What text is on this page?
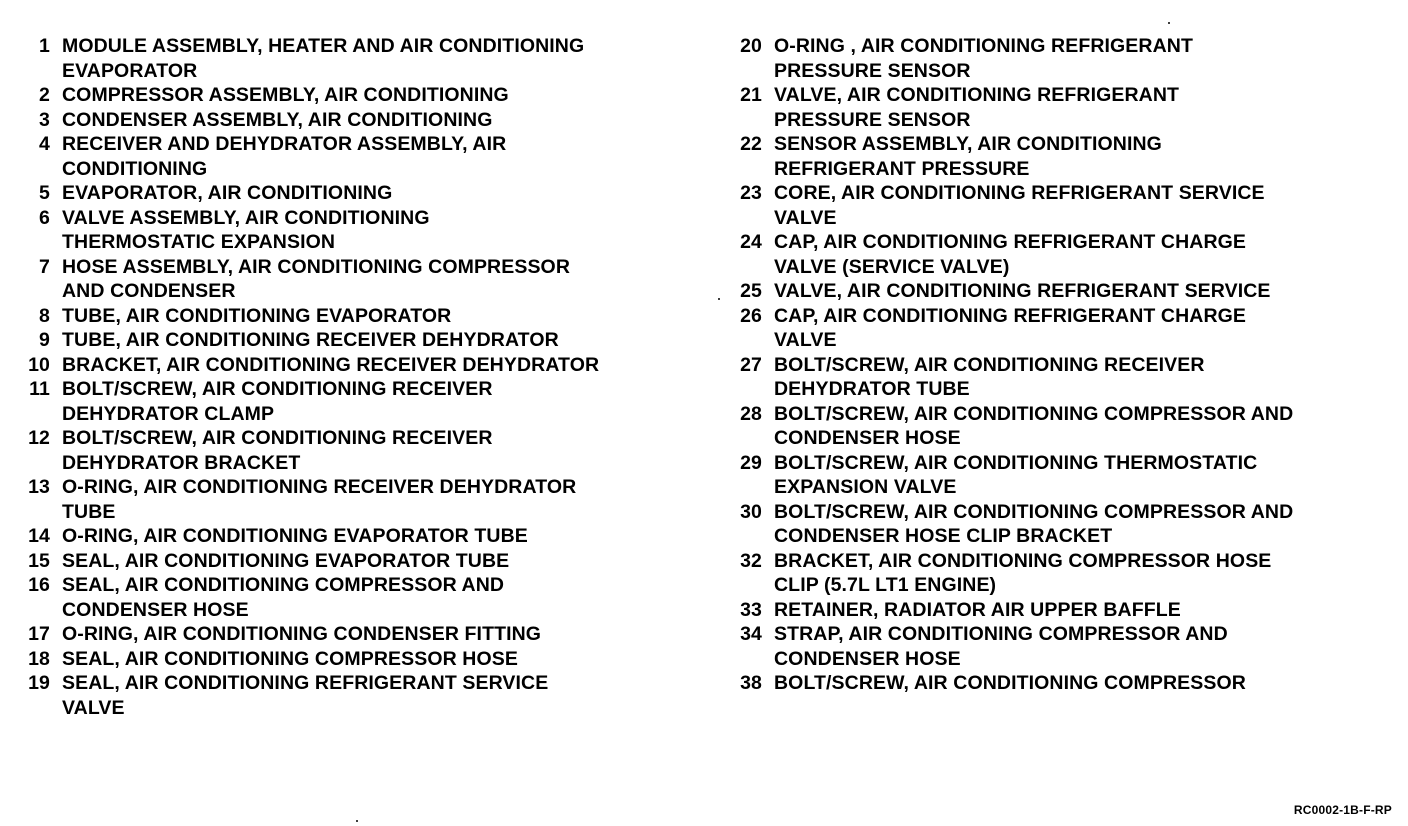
1 MODULE ASSEMBLY, HEATER AND AIR CONDITIONING
EVAPORATOR
2 COMPRESSOR ASSEMBLY, AIR CONDITIONING
3 CONDENSER ASSEMBLY, AIR CONDITIONING
4 RECEIVER AND DEHYDRATOR ASSEMBLY, AIR
CONDITIONING
5 EVAPORATOR, AIR CONDITIONING
6 VALVE ASSEMBLY, AIR CONDITIONING
THERMOSTATIC EXPANSION
7 HOSE ASSEMBLY, AIR CONDITIONING COMPRESSOR
AND CONDENSER
8 TUBE, AIR CONDITIONING EVAPORATOR
9 TUBE, AIR CONDITIONING RECEIVER DEHYDRATOR
10 BRACKET, AIR CONDITIONING RECEIVER DEHYDRATOR
11 BOLT/SCREW, AIR CONDITIONING RECEIVER
DEHYDRATOR CLAMP
12 BOLT/SCREW, AIR CONDITIONING RECEIVER
DEHYDRATOR BRACKET
13 O-RING, AIR CONDITIONING RECEIVER DEHYDRATOR
TUBE
14 O-RING, AIR CONDITIONING EVAPORATOR TUBE
15 SEAL, AIR CONDITIONING EVAPORATOR TUBE
16 SEAL, AIR CONDITIONING COMPRESSOR AND
CONDENSER HOSE
17 O-RING, AIR CONDITIONING CONDENSER FITTING
18 SEAL, AIR CONDITIONING COMPRESSOR HOSE
19 SEAL, AIR CONDITIONING REFRIGERANT SERVICE
VALVE
20 O-RING , AIR CONDITIONING REFRIGERANT
PRESSURE SENSOR
21 VALVE, AIR CONDITIONING REFRIGERANT
PRESSURE SENSOR
22 SENSOR ASSEMBLY, AIR CONDITIONING
REFRIGERANT PRESSURE
23 CORE, AIR CONDITIONING REFRIGERANT SERVICE
VALVE
24 CAP, AIR CONDITIONING REFRIGERANT CHARGE
VALVE (SERVICE VALVE)
25 VALVE, AIR CONDITIONING REFRIGERANT SERVICE
26 CAP, AIR CONDITIONING REFRIGERANT CHARGE
VALVE
27 BOLT/SCREW, AIR CONDITIONING RECEIVER
DEHYDRATOR TUBE
28 BOLT/SCREW, AIR CONDITIONING COMPRESSOR AND
CONDENSER HOSE
29 BOLT/SCREW, AIR CONDITIONING THERMOSTATIC
EXPANSION VALVE
30 BOLT/SCREW, AIR CONDITIONING COMPRESSOR AND
CONDENSER HOSE CLIP BRACKET
32 BRACKET, AIR CONDITIONING COMPRESSOR HOSE
CLIP (5.7L LT1 ENGINE)
33 RETAINER, RADIATOR AIR UPPER BAFFLE
34 STRAP, AIR CONDITIONING COMPRESSOR AND
CONDENSER HOSE
38 BOLT/SCREW, AIR CONDITIONING COMPRESSOR
RC0002-1B-F-RP
